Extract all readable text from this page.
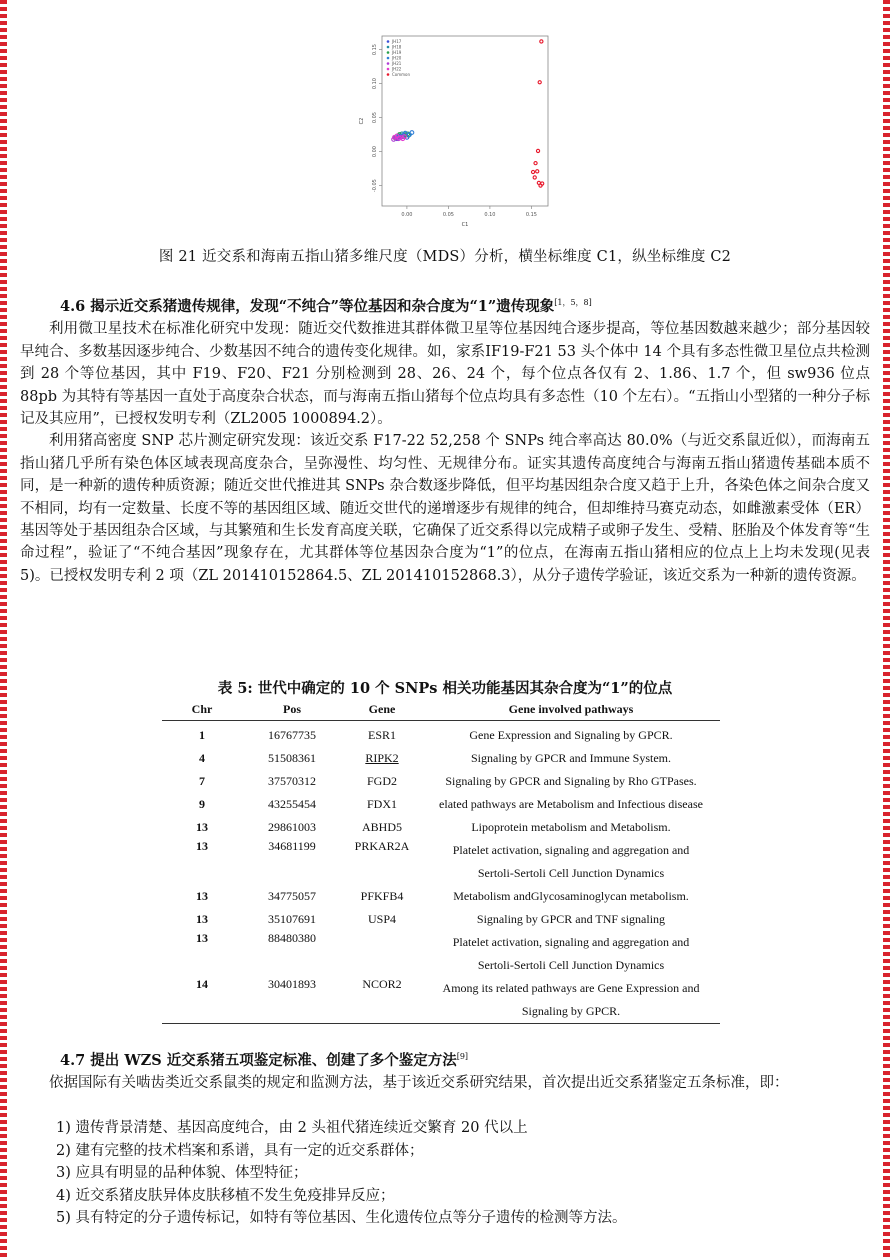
0.00	0.05	0.10	0.15
-0.05
0.00
0.05
0.10
0.15
C1
C2
JH17
JH18
JH19
JH20
JH21
JH22
Common
图 21 近交系和海南五指山猪多维尺度（MDS）分析，横坐标维度 C1，纵坐标维度 C2
4.6 揭示近交系猪遗传规律，发现“不纯合”等位基因和杂合度为“1”遗传现象[1，5，8]

利用微卫星技术在标准化研究中发现：随近交代数推进其群体微卫星等位基因纯合逐步提高，等位基因数越来越少；部分基因较早纯合、多数基因逐步纯合、少数基因不纯合的遗传变化规律。如，家系ⅠF19-F21 53 头个体中 14 个具有多态性微卫星位点共检测到 28 个等位基因，其中 F19、F20、F21 分别检测到 28、26、24 个，每个位点各仅有 2、1.86、1.7 个，但 sw936 位点 88pb 为其特有等基因一直处于高度杂合状态，而与海南五指山猪每个位点均具有多态性（10 个左右）。“五指山小型猪的一种分子标记及其应用”，已授权发明专利（ZL2005 1000894.2）。

利用猪高密度 SNP 芯片测定研究发现：该近交系 F17-22 52,258 个 SNPs 纯合率高达 80.0%（与近交系鼠近似），而海南五指山猪几乎所有染色体区域表现高度杂合，呈弥漫性、均匀性、无规律分布。证实其遗传高度纯合与海南五指山猪遗传基础本质不同，是一种新的遗传种质资源；随近交世代推进其 SNPs 杂合数逐步降低，但平均基因组杂合度又趋于上升，各染色体之间杂合度又不相同，均有一定数量、长度不等的基因组区域、随近交世代的递增逐步有规律的纯合，但却维持马赛克动态，如雌激素受体（ER）基因等处于基因组杂合区域，与其繁殖和生长发育高度关联，它确保了近交系得以完成精子或卵子发生、受精、胚胎及个体发育等“生命过程”，验证了“不纯合基因”现象存在，尤其群体等位基因杂合度为“1”的位点，在海南五指山猪相应的位点上上均未发现(见表 5)。已授权发明专利 2 项（ZL 201410152864.5、ZL 201410152868.3），从分子遗传学验证，该近交系为一种新的遗传资源。

表 5: 世代中确定的 10 个 SNPs 相关功能基因其杂合度为“1”的位点
Chr	Pos	Gene	Gene involved pathways
1	16767735	ESR1	Gene Expression and Signaling by GPCR.
4	51508361	RIPK2	Signaling by GPCR and Immune System.
7	37570312	FGD2	Signaling by GPCR and Signaling by Rho GTPases.
9	43255454	FDX1	elated pathways are Metabolism and Infectious disease
13	29861003	ABHD5	Lipoprotein metabolism and Metabolism.
13	34681199	PRKAR2A	Platelet activation, signaling and aggregation and
Sertoli-Sertoli Cell Junction Dynamics

13	34775057	PFKFB4	Metabolism andGlycosaminoglycan metabolism.
13	35107691	USP4	Signaling by GPCR and TNF signaling
13	88480380		Platelet activation, signaling and aggregation and
Sertoli-Sertoli Cell Junction Dynamics

14	30401893	NCOR2	Among its related pathways are Gene Expression and
Signaling by GPCR.
4.7 提出 WZS 近交系猪五项鉴定标准、创建了多个鉴定方法[9]

依据国际有关啮齿类近交系鼠类的规定和监测方法，基于该近交系研究结果，首次提出近交系猪鉴定五条标准，即：

1) 遗传背景清楚、基因高度纯合，由 2 头祖代猪连续近交繁育 20 代以上
2) 建有完整的技术档案和系谱，具有一定的近交系群体；
3) 应具有明显的品种体貌、体型特征；
4) 近交系猪皮肤异体皮肤移植不发生免疫排异反应；
5) 具有特定的分子遗传标记，如特有等位基因、生化遗传位点等分子遗传的检测等方法。
